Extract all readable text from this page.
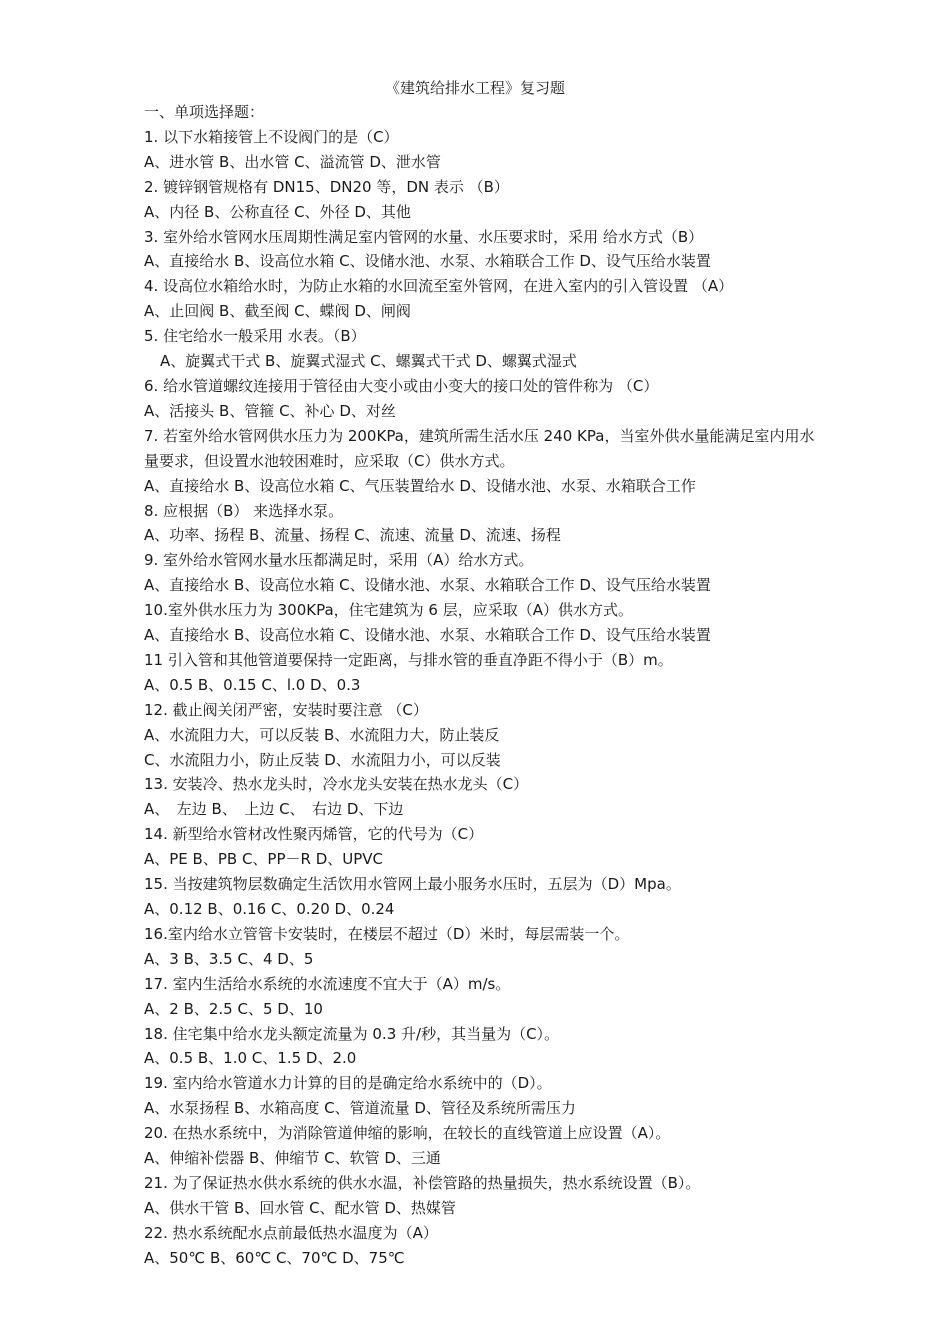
《建筑给排水工程》复习题

一、单项选择题：

1. 以下水箱接管上不设阀门的是（C）

A、进水管 B、出水管 C、溢流管 D、泄水管

2. 镀锌钢管规格有 DN15、DN20 等，DN 表示 （B）

A、内径 B、公称直径 C、外径 D、其他

3. 室外给水管网水压周期性满足室内管网的水量、水压要求时，采用 给水方式（B）

A、直接给水 B、设高位水箱 C、设储水池、水泵、水箱联合工作 D、设气压给水装置

4. 设高位水箱给水时，为防止水箱的水回流至室外管网，在进入室内的引入管设置 （A）

A、止回阀 B、截至阀 C、蝶阀 D、闸阀

5. 住宅给水一般采用 水表。（B）

A、旋翼式干式 B、旋翼式湿式 C、螺翼式干式 D、螺翼式湿式

6. 给水管道螺纹连接用于管径由大变小或由小变大的接口处的管件称为 （C）

A、活接头 B、管箍 C、补心 D、对丝

7. 若室外给水管网供水压力为 200KPa，建筑所需生活水压 240 KPa，当室外供水量能满足室内用水量要求，但设置水池较困难时，应采取（C）供水方式。

A、直接给水 B、设高位水箱 C、气压装置给水 D、设储水池、水泵、水箱联合工作

8. 应根据（B） 来选择水泵。

A、功率、扬程 B、流量、扬程 C、流速、流量 D、流速、扬程

9. 室外给水管网水量水压都满足时，采用（A）给水方式。

A、直接给水 B、设高位水箱 C、设储水池、水泵、水箱联合工作 D、设气压给水装置

10.室外供水压力为 300KPa，住宅建筑为 6 层，应采取（A）供水方式。

A、直接给水 B、设高位水箱 C、设储水池、水泵、水箱联合工作 D、设气压给水装置

11 引入管和其他管道要保持一定距离，与排水管的垂直净距不得小于（B）m。

A、0.5 B、0.15 C、l.0 D、0.3

12. 截止阀关闭严密，安装时要注意 （C）

A、水流阻力大，可以反装 B、水流阻力大，防止装反

C、水流阻力小，防止反装 D、水流阻力小，可以反装

13. 安装冷、热水龙头时，冷水龙头安装在热水龙头（C）

A、　左边 B、　上边 C、　右边 D、下边

14. 新型给水管材改性聚丙烯管，它的代号为（C）

A、PE B、PB C、PP－R D、UPVC

15. 当按建筑物层数确定生活饮用水管网上最小服务水压时，五层为（D）Mpa。

A、0.12 B、0.16 C、0.20 D、0.24

16.室内给水立管管卡安装时，在楼层不超过（D）米时，每层需装一个。

A、3 B、3.5 C、4 D、5

17. 室内生活给水系统的水流速度不宜大于（A）m/s。

A、2 B、2.5 C、5 D、10

18. 住宅集中给水龙头额定流量为 0.3 升/秒，其当量为（C）。

A、0.5 B、1.0 C、1.5 D、2.0

19. 室内给水管道水力计算的目的是确定给水系统中的（D）。

A、水泵扬程 B、水箱高度 C、管道流量 D、管径及系统所需压力

20. 在热水系统中，为消除管道伸缩的影响，在较长的直线管道上应设置（A）。

A、伸缩补偿器 B、伸缩节 C、软管 D、三通

21. 为了保证热水供水系统的供水水温，补偿管路的热量损失，热水系统设置（B）。

A、供水干管 B、回水管 C、配水管 D、热媒管

22. 热水系统配水点前最低热水温度为（A）

A、50℃ B、60℃ C、70℃ D、75℃
